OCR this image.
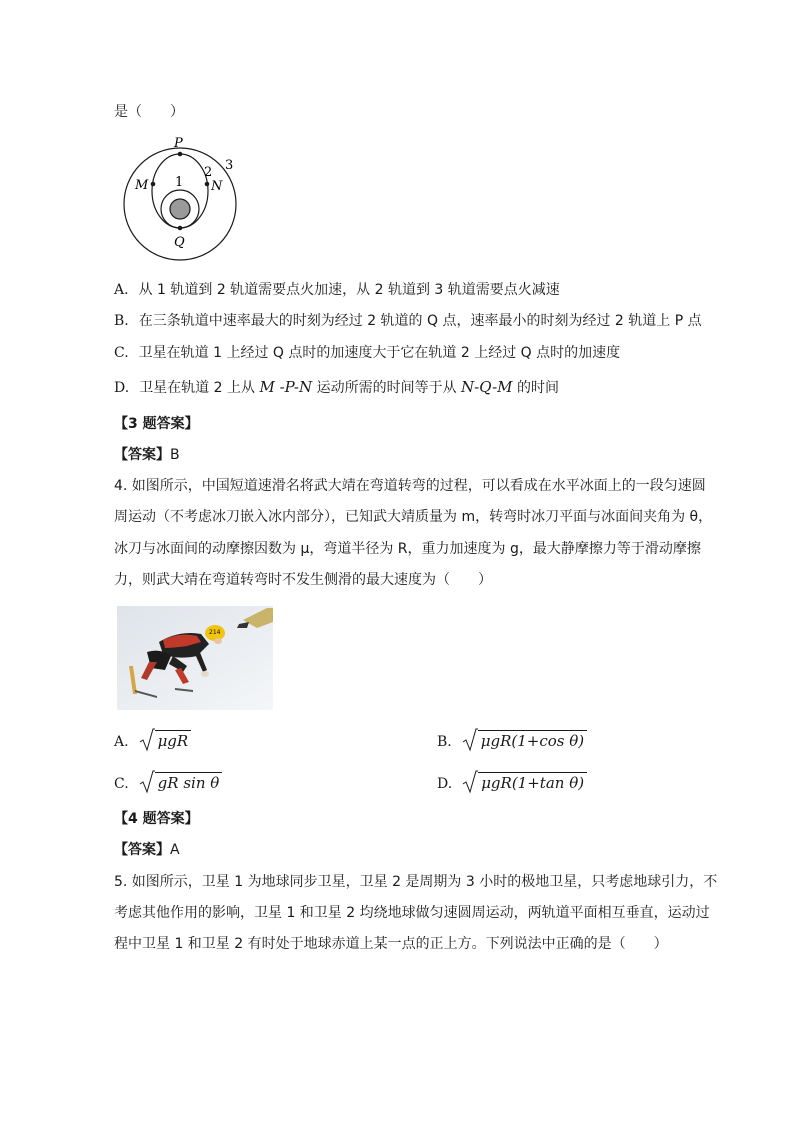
是（　　）
P
Q
M	N
1
2 3
A. 从 1 轨道到 2 轨道需要点火加速，从 2 轨道到 3 轨道需要点火减速
B. 在三条轨道中速率最大的时刻为经过 2 轨道的 Q 点，速率最小的时刻为经过 2 轨道上 P 点
C. 卫星在轨道 1 上经过 Q 点时的加速度大于它在轨道 2 上经过 Q 点时的加速度
D. 卫星在轨道 2 上从 M -P-N 运动所需的时间等于从 N-Q-M 的时间
【3 题答案】
【答案】B
4. 如图所示，中国短道速滑名将武大靖在弯道转弯的过程，可以看成在水平冰面上的一段匀速圆
周运动（不考虑冰刀嵌入冰内部分），已知武大靖质量为 m，转弯时冰刀平面与冰面间夹角为 θ，
冰刀与冰面间的动摩擦因数为 μ，弯道半径为 R，重力加速度为 g，最大静摩擦力等于滑动摩擦
力，则武大靖在弯道转弯时不发生侧滑的最大速度为（　　）
214
A. μgR	B. μgR(1+cos θ)
C. gR sin θ	D. μgR(1+tan θ)
【4 题答案】
【答案】A
5. 如图所示，卫星 1 为地球同步卫星，卫星 2 是周期为 3 小时的极地卫星，只考虑地球引力，不
考虑其他作用的影响，卫星 1 和卫星 2 均绕地球做匀速圆周运动，两轨道平面相互垂直，运动过
程中卫星 1 和卫星 2 有时处于地球赤道上某一点的正上方。下列说法中正确的是（　　）
